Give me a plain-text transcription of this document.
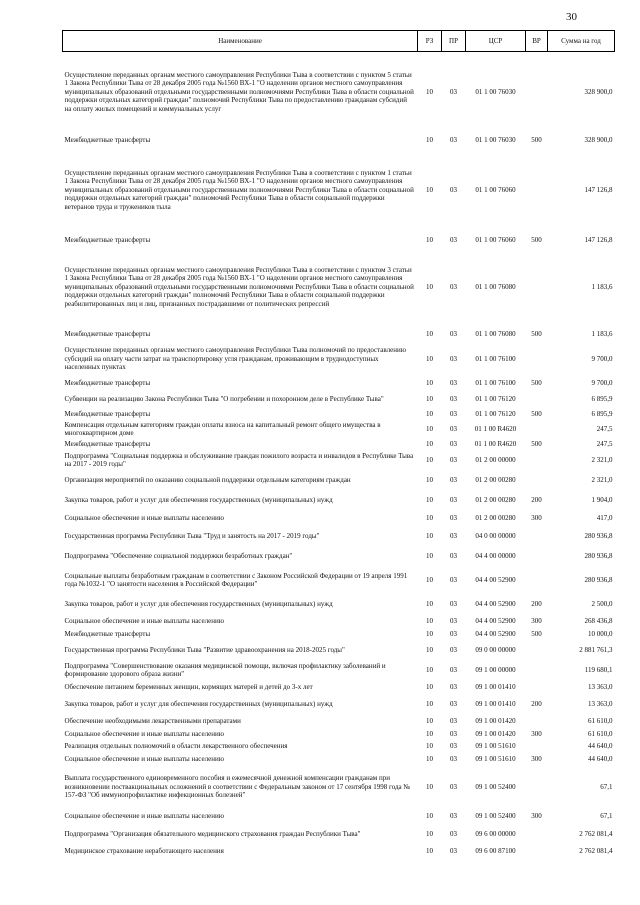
30
Наименование	РЗ	ПР	ЦСР	ВР	Сумма на год
Осуществление переданных органам местного самоуправления Республики Тыва в соответствии с пунктом 5 статьи 1 Закона Республики Тыва от 28 декабря 2005 года №1560 ВХ-1 "О наделении органов местного самоуправления муниципальных образований отдельными государственными полномочиями Республики Тыва в области социальной поддержки отдельных категорий граждан" полномочий Республики Тыва по предоставлению гражданам субсидий на оплату жилых помещений и коммунальных услуг	10	03	01 1 00 76030		328 900,0
Межбюджетные трансферты	10	03	01 1 00 76030	500	328 900,0
Осуществление переданных органам местного самоуправления Республики Тыва в соответствии с пунктом 1 статьи 1 Закона Республики Тыва от 28 декабря 2005 года №1560 ВХ-1 "О наделении органов местного самоуправления муниципальных образований отдельными государственными полномочиями Республики Тыва в области социальной поддержки отдельных категорий граждан" полномочий Республики Тыва в области социальной поддержки ветеранов труда и тружеников тыла	10	03	01 1 00 76060		147 126,8
Межбюджетные трансферты	10	03	01 1 00 76060	500	147 126,8
Осуществление переданных органам местного самоуправления Республики Тыва в соответствии с пунктом 3 статьи 1 Закона Республики Тыва от 28 декабря 2005 года №1560 ВХ-1 "О наделении органов местного самоуправления муниципальных образований отдельными государственными полномочиями Республики Тыва в области социальной поддержки отдельных категорий граждан" полномочий Республики Тыва в области социальной поддержки реабилитированных лиц и лиц, признанных пострадавшими от политических репрессий	10	03	01 1 00 76080		1 183,6
Межбюджетные трансферты	10	03	01 1 00 76080	500	1 183,6
Осуществление переданных органам местного самоуправления Республики Тыва полномочий по предоставлению субсидий на оплату части затрат на транспортировку угля гражданам, проживающим в труднодоступных населенных пунктах	10	03	01 1 00 76100		9 700,0
Межбюджетные трансферты	10	03	01 1 00 76100	500	9 700,0
Субвенции на реализацию Закона Республики Тыва "О погребении и похоронном деле в Республике Тыва"	10	03	01 1 00 76120		6 895,9
Межбюджетные трансферты	10	03	01 1 00 76120	500	6 895,9
Компенсация отдельным категориям граждан оплаты взноса на капитальный ремонт общего имущества в многоквартирном доме	10	03	01 1 00 R4620		247,5
Межбюджетные трансферты	10	03	01 1 00 R4620	500	247,5
Подпрограмма "Социальная поддержка и обслуживание граждан пожилого возраста и инвалидов в Республике Тыва на 2017 - 2019 годы"	10	03	01 2 00 00000		2 321,0
Организация мероприятий по оказанию социальной поддержки отдельным категориям граждан	10	03	01 2 00 00280		2 321,0
Закупка товаров, работ и услуг для обеспечения государственных (муниципальных) нужд	10	03	01 2 00 00280	200	1 904,0
Социальное обеспечение и иные выплаты населению	10	03	01 2 00 00280	300	417,0
Государственная программа Республики Тыва "Труд и занятость на 2017 - 2019 годы"	10	03	04 0 00 00000		280 936,8
Подпрограмма "Обеспечение социальной поддержки безработных граждан"	10	03	04 4 00 00000		280 936,8
Социальные выплаты безработным гражданам в соответствии с Законом Российской Федерации от 19 апреля 1991 года №1032-1 "О занятости населения в Российской Федерации"	10	03	04 4 00 52900		280 936,8
Закупка товаров, работ и услуг для обеспечения государственных (муниципальных) нужд	10	03	04 4 00 52900	200	2 500,0
Социальное обеспечение и иные выплаты населению	10	03	04 4 00 52900	300	268 436,8
Межбюджетные трансферты	10	03	04 4 00 52900	500	10 000,0
Государственная программа Республики Тыва "Развитие здравоохранения на 2018-2025 годы"	10	03	09 0 00 00000		2 881 761,3
Подпрограмма "Совершенствование оказания медицинской помощи, включая профилактику заболеваний и формирование здорового образа жизни"	10	03	09 1 00 00000		119 680,1
Обеспечение питанием беременных женщин, кормящих матерей и детей до 3-х лет	10	03	09 1 00 01410		13 363,0
Закупка товаров, работ и услуг для обеспечения государственных (муниципальных) нужд	10	03	09 1 00 01410	200	13 363,0
Обеспечение необходимыми лекарственными препаратами	10	03	09 1 00 01420		61 610,0
Социальное обеспечение и иные выплаты населению	10	03	09 1 00 01420	300	61 610,0
Реализация отдельных полномочий в области лекарственного обеспечения	10	03	09 1 00 51610		44 640,0
Социальное обеспечение и иные выплаты населению	10	03	09 1 00 51610	300	44 640,0
Выплата государственного единовременного пособия и ежемесячной денежной компенсации гражданам при возникновении поствакцинальных осложнений в соответствии с Федеральным законом от 17 сентября 1998 года № 157-ФЗ "Об иммунопрофилактике инфекционных болезней"	10	03	09 1 00 52400		67,1
Социальное обеспечение и иные выплаты населению	10	03	09 1 00 52400	300	67,1
Подпрограмма "Организация обязательного медицинского страхования граждан Республики Тыва"	10	03	09 6 00 00000		2 762 081,4
Медицинское страхование неработающего населения	10	03	09 6 00 87100		2 762 081,4
